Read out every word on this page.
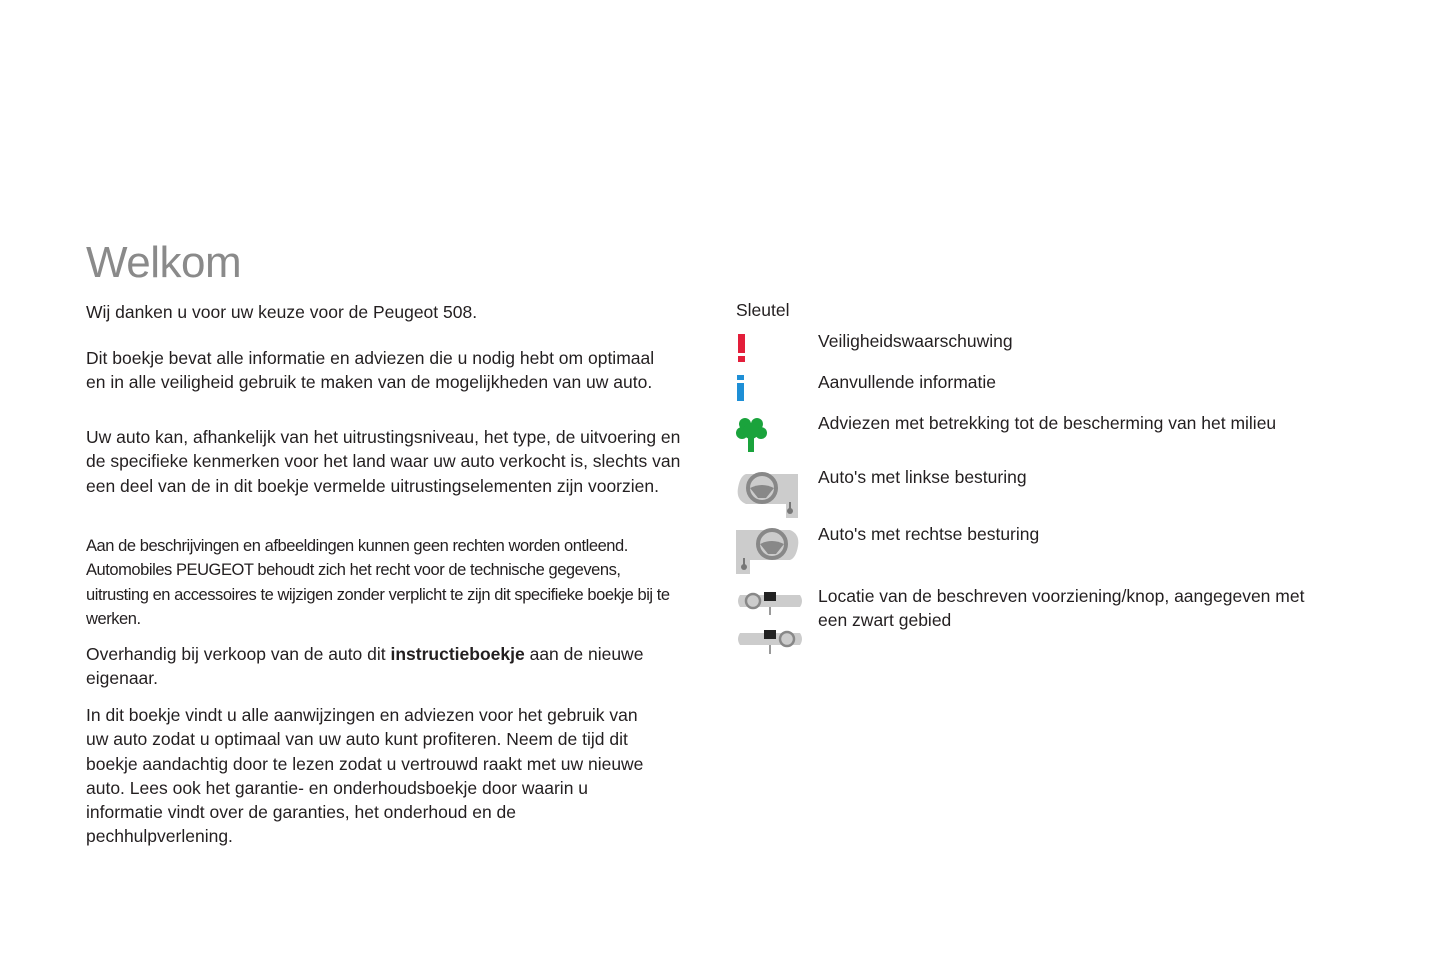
Welkom

Wij danken u voor uw keuze voor de Peugeot 508.

Dit boekje bevat alle informatie en adviezen die u nodig hebt om optimaal en in alle veiligheid gebruik te maken van de mogelijkheden van uw auto.

Uw auto kan, afhankelijk van het uitrustingsniveau, het type, de uitvoering en de specifieke kenmerken voor het land waar uw auto verkocht is, slechts van een deel van de in dit boekje vermelde uitrustingselementen zijn voorzien.

Aan de beschrijvingen en afbeeldingen kunnen geen rechten worden ontleend. Automobiles PEUGEOT behoudt zich het recht voor de technische gegevens, uitrusting en accessoires te wijzigen zonder verplicht te zijn dit specifieke boekje bij te werken.

Overhandig bij verkoop van de auto dit instructieboekje aan de nieuwe eigenaar.

In dit boekje vindt u alle aanwijzingen en adviezen voor het gebruik van uw auto zodat u optimaal van uw auto kunt profiteren. Neem de tijd dit boekje aandachtig door te lezen zodat u vertrouwd raakt met uw nieuwe auto. Lees ook het garantie- en onderhoudsboekje door waarin u informatie vindt over de garanties, het onderhoud en de pechhulpverlening.

Sleutel
Veiligheidswaarschuwing
Aanvullende informatie
Adviezen met betrekking tot de bescherming van het milieu
Auto's met linkse besturing
Auto's met rechtse besturing
Locatie van de beschreven voorziening/knop, aangegeven met een zwart gebied
